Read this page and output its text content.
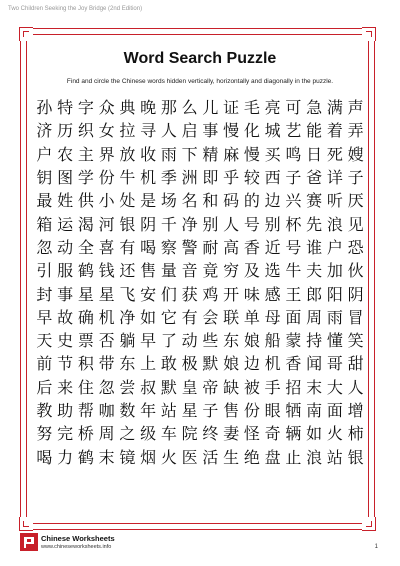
Two Children Seeking the Joy Bridge (2nd Edition)
Word Search Puzzle
Find and circle the Chinese words hidden vertically, horizontally and diagonally in the puzzle.
孙 特 字 众 典 晚 那 么 儿 证 毛 亮 可 急 满 声
济 历 织 女 拉 寻 人 启 事 慢 化 城 艺 能 着 弄
户 农 主 界 放 收 雨 下 精 麻 慢 买 鸣 日 死 嫂
钥 图 学 份 牛 机 季 洲 即 乎 较 西 子 爸 详 子
最 姓 供 小 处 是 场 名 和 码 的 边 兴 赛 听 厌
箱 运 渴 河 银 阴 千 净 别 人 号 别 杯 先 浪 见
忽 动 全 喜 有 喝 察 警 耐 高 香 近 号 谁 户 恐
引 服 鹤 钱 还 售 量 音 竟 穷 及 选 牛 夫 加 伙
封 事 星 星 飞 安 们 获 鸡 开 味 感 王 郎 阳 阴
早 故 确 机 净 如 它 有 会 联 单 母 面 周 雨 冒
天 史 票 否 躺 早 了 动 些 东 娘 船 蒙 持 懂 笑
前 节 积 带 东 上 敢 极 默 娘 边 机 香 闻 哥 甜
后 来 住 忽 尝 叔 默 皇 帝 缺 被 手 招 末 大 人
教 助 帮 咖 数 年 站 星 子 售 份 眼 牺 南 面 增
努 完 桥 周 之 级 车 院 终 妻 怪 奇 辆 如 火 柿
喝 力 鹤 末 镜 烟 火 医 活 生 绝 盘 止 浪 站 银
Chinese Worksheets
www.chineseworksheets.info	1
